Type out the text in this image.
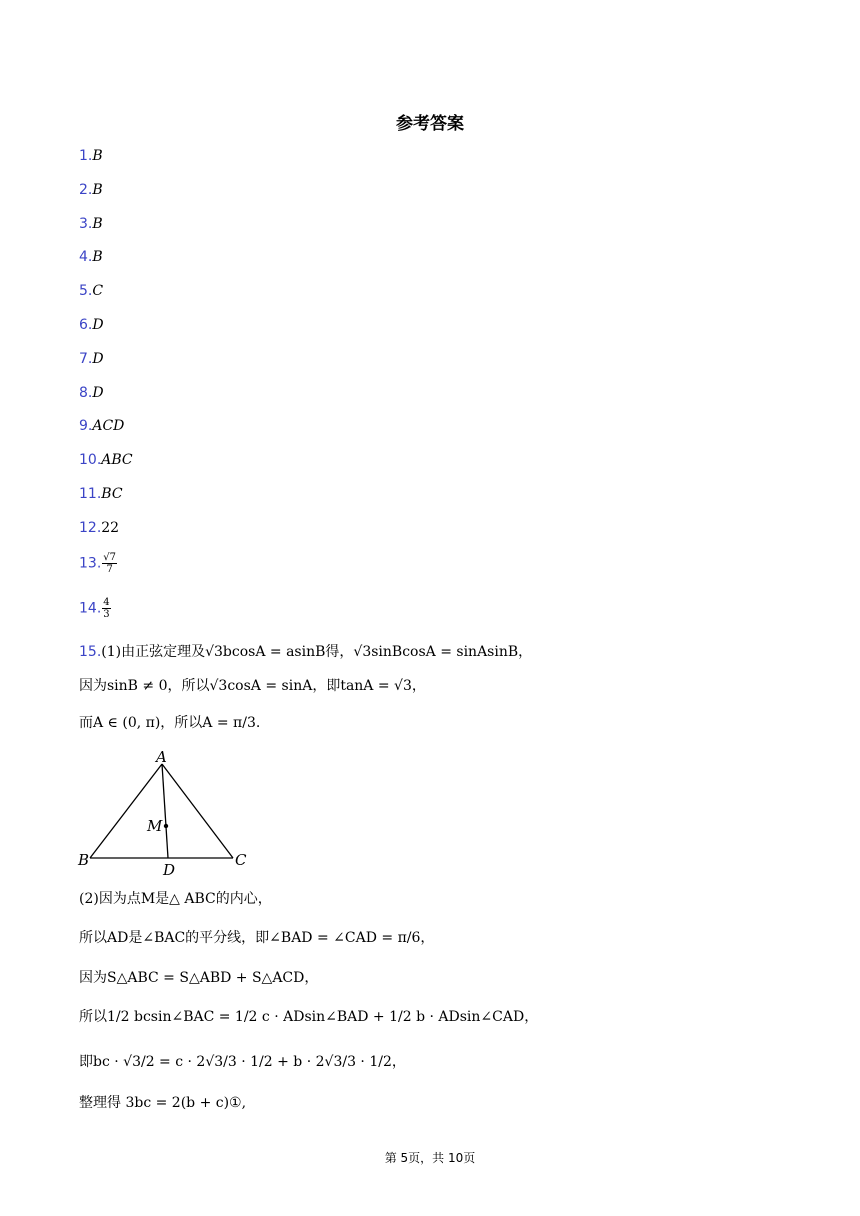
参考答案
1.B
2.B
3.B
4.B
5.C
6.D
7.D
8.D
9.ACD
10.ABC
11.BC
12.22
13. $\frac{√7}{7}$
14. $\frac{4}{3}$
15.(1)由正弦定理及√3bcosA = asinB得，√3sinBcosA = sinAsinB，
因为sinB ≠ 0，所以√3cosA = sinA，即tanA = √3，
而A ∈ (0, π)，所以A = π/3.
A
B	C
D
M
(2)因为点M是△ ABC的内心，
所以AD是∠BAC的平分线，即∠BAD = ∠CAD = π/6，
因为S△ABC = S△ABD + S△ACD，
所以1/2 bcsin∠BAC = 1/2 c · ADsin∠BAD + 1/2 b · ADsin∠CAD，
即bc · √3/2 = c · 2√3/3 · 1/2 + b · 2√3/3 · 1/2，
整理得 3bc = 2(b + c)①,
第 5页，共 10页
